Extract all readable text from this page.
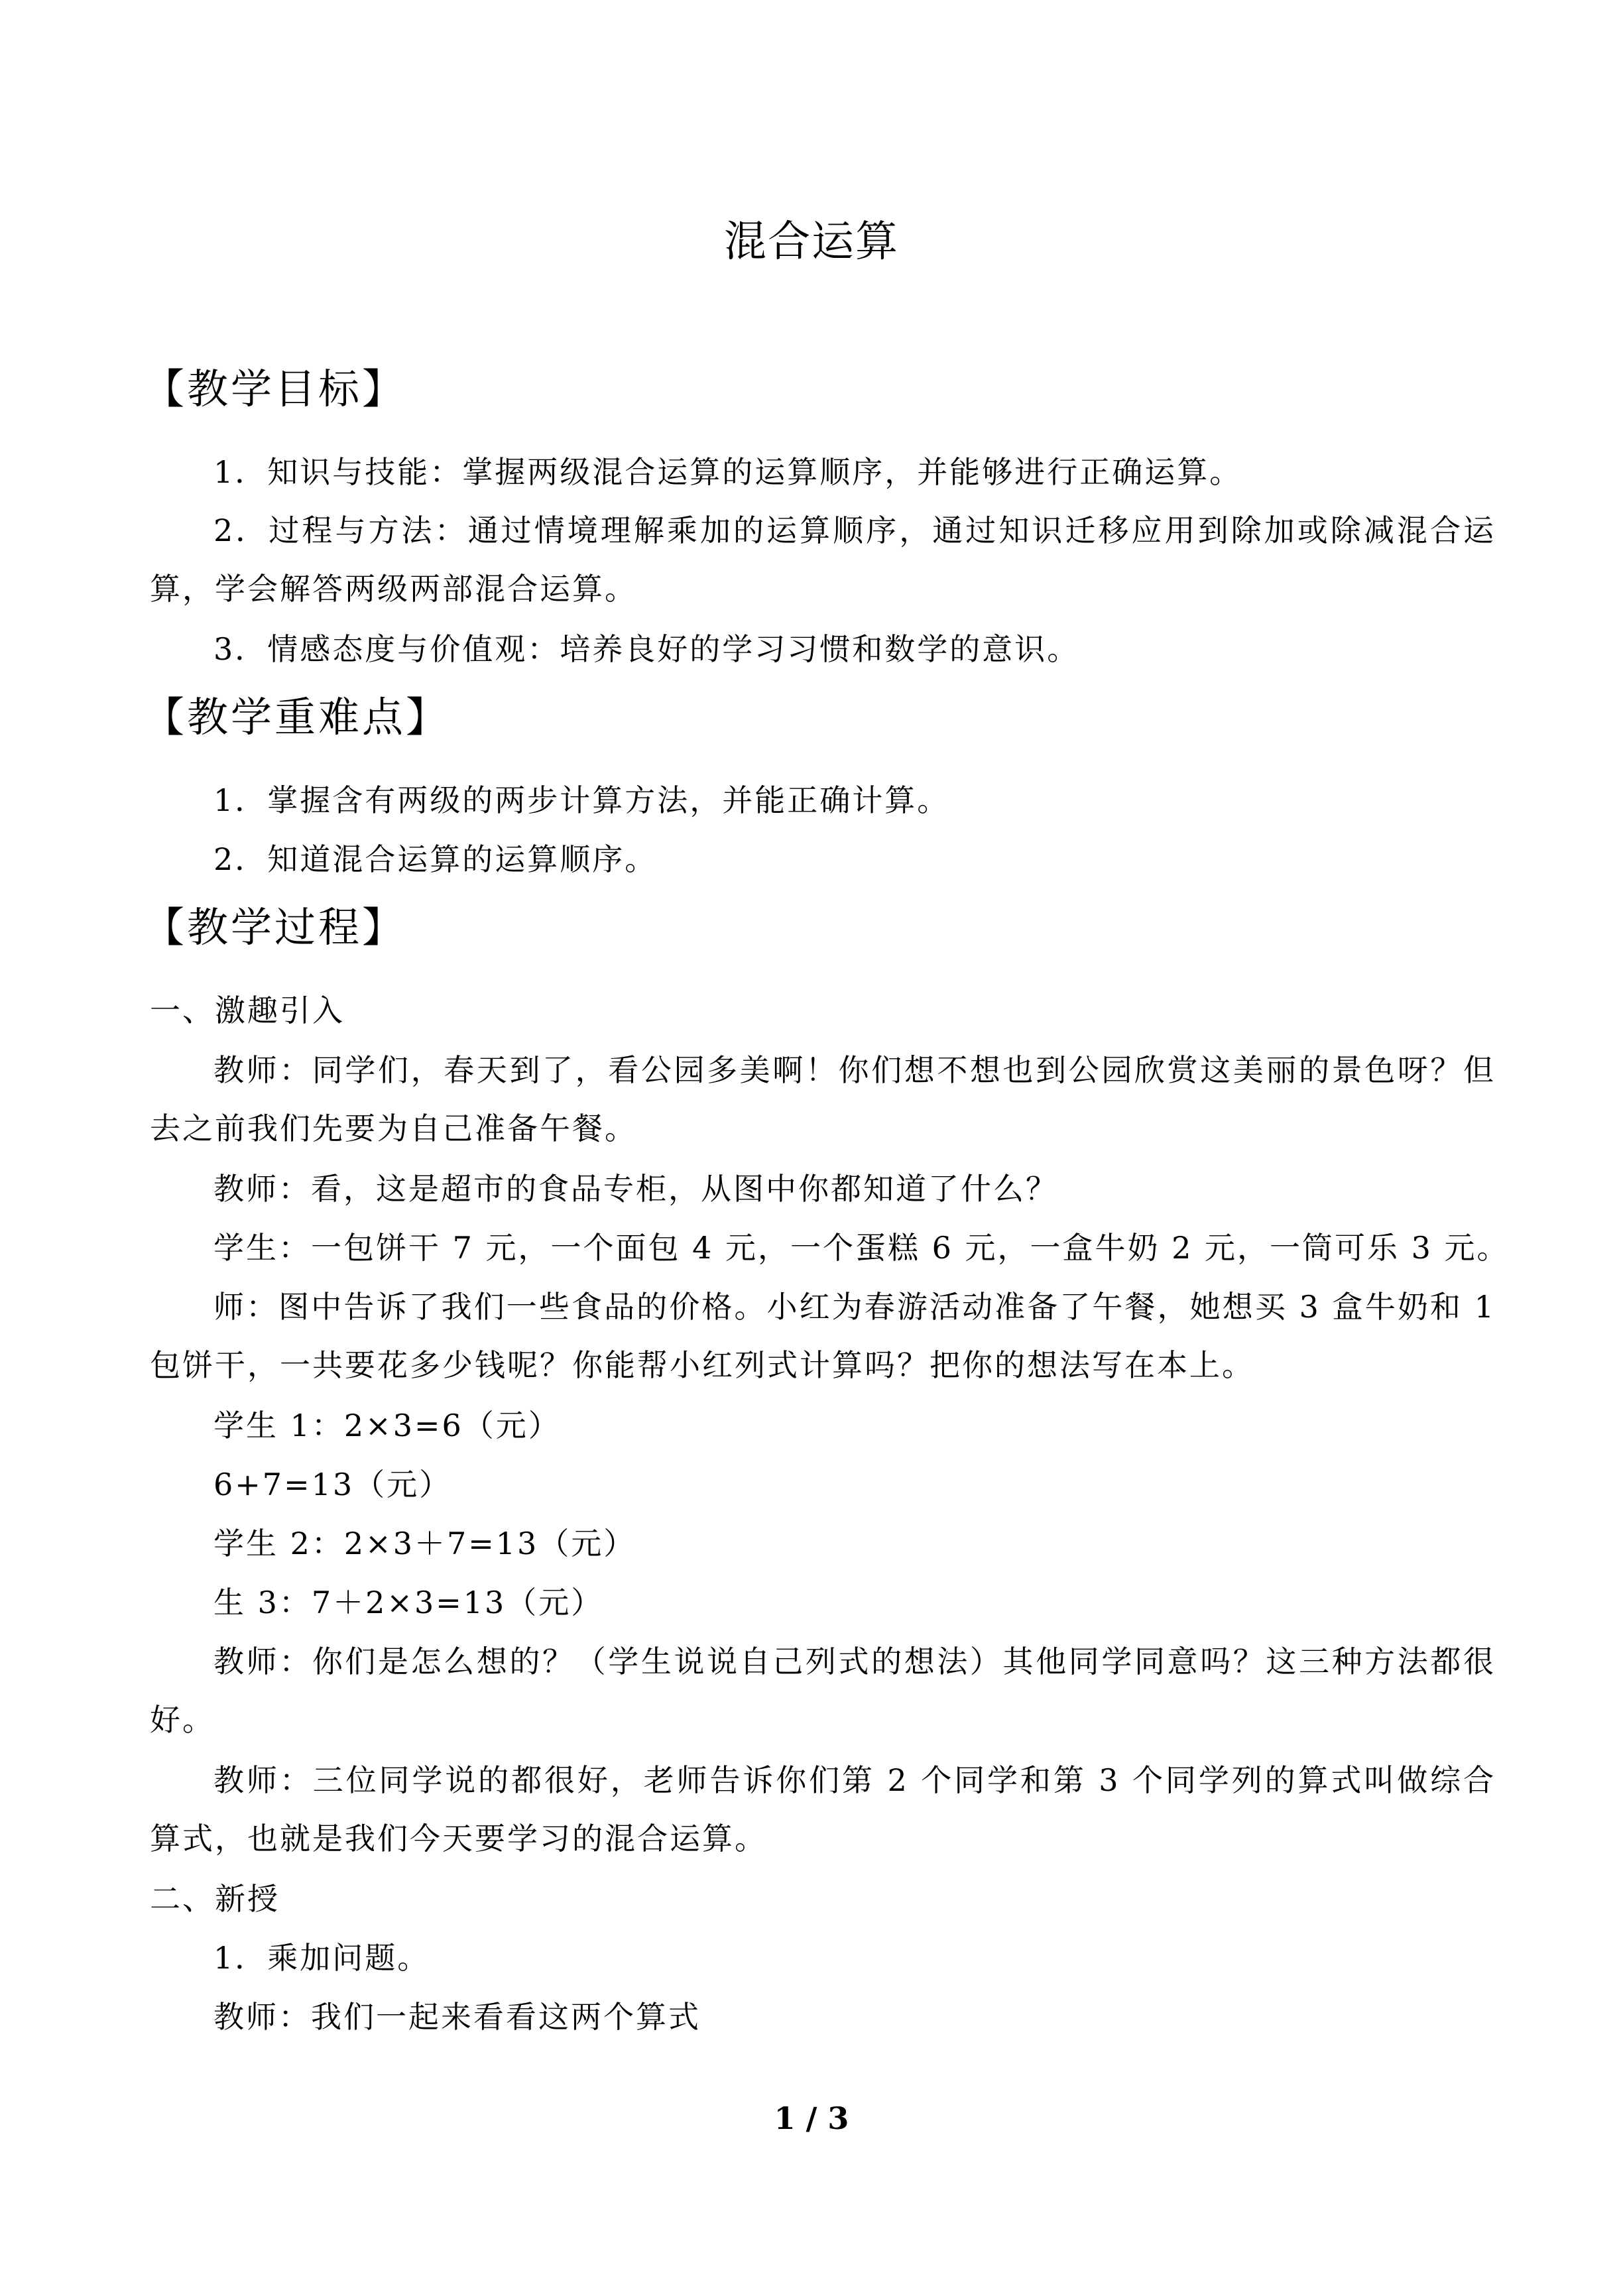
混合运算
【教学目标】
1．知识与技能：掌握两级混合运算的运算顺序，并能够进行正确运算。
2．过程与方法：通过情境理解乘加的运算顺序，通过知识迁移应用到除加或除减混合运算，学会解答两级两部混合运算。
3．情感态度与价值观：培养良好的学习习惯和数学的意识。
【教学重难点】
1．掌握含有两级的两步计算方法，并能正确计算。
2．知道混合运算的运算顺序。
【教学过程】
一、激趣引入
教师：同学们，春天到了，看公园多美啊！你们想不想也到公园欣赏这美丽的景色呀？但去之前我们先要为自己准备午餐。
教师：看，这是超市的食品专柜，从图中你都知道了什么？
学生：一包饼干 7 元，一个面包 4 元，一个蛋糕 6 元，一盒牛奶 2 元，一筒可乐 3 元。
师：图中告诉了我们一些食品的价格。小红为春游活动准备了午餐，她想买 3 盒牛奶和 1 包饼干，一共要花多少钱呢？你能帮小红列式计算吗？把你的想法写在本上。
学生 1：2×3=6（元）
6+7=13（元）
学生 2：2×3＋7=13（元）
生 3：7＋2×3=13（元）
教师：你们是怎么想的？（学生说说自己列式的想法）其他同学同意吗？这三种方法都很好。
教师：三位同学说的都很好，老师告诉你们第 2 个同学和第 3 个同学列的算式叫做综合算式，也就是我们今天要学习的混合运算。
二、新授
1．乘加问题。
教师：我们一起来看看这两个算式
1 / 3
